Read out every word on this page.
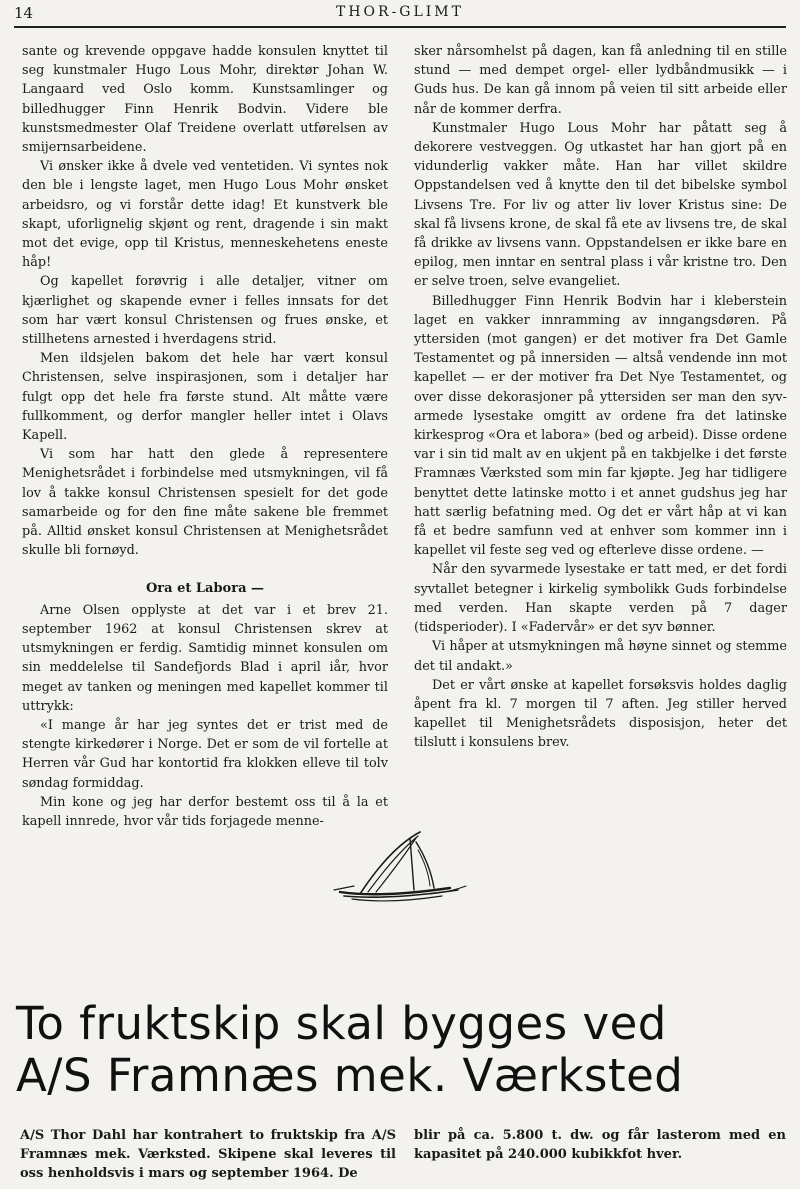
14	THOR-GLIMT

sante og krevende oppgave hadde konsulen knyttet til seg kunstmaler Hugo Lous Mohr, direktør Johan W. Langaard ved Oslo komm. Kunstsamlinger og billedhugger Finn Henrik Bodvin. Videre ble kunstsmedmester Olaf Treidene overlatt utførelsen av smijernsarbeidene.

Vi ønsker ikke å dvele ved ventetiden. Vi syntes nok den ble i lengste laget, men Hugo Lous Mohr ønsket arbeidsro, og vi forstår dette idag! Et kunstverk ble skapt, uforlignelig skjønt og rent, dragende i sin makt mot det evige, opp til Kristus, menneskehetens eneste håp!

Og kapellet forøvrig i alle detaljer, vitner om kjærlighet og skapende evner i felles innsats for det som har vært konsul Christensen og frues ønske, et stillhetens arnested i hverdagens strid.

Men ildsjelen bakom det hele har vært konsul Christensen, selve inspirasjonen, som i detaljer har fulgt opp det hele fra første stund. Alt måtte være fullkomment, og derfor mangler heller intet i Olavs Kapell.

Vi som har hatt den glede å representere Menighetsrådet i forbindelse med utsmykningen, vil få lov å takke konsul Christensen spesielt for det gode samarbeide og for den fine måte sakene ble fremmet på. Alltid ønsket konsul Christensen at Menighetsrådet skulle bli fornøyd.

Ora et Labora —

Arne Olsen opplyste at det var i et brev 21. september 1962 at konsul Christensen skrev at utsmykningen er ferdig. Samtidig minnet konsulen om sin meddelelse til Sandefjords Blad i april iår, hvor meget av tanken og meningen med kapellet kommer til uttrykk:

«I mange år har jeg syntes det er trist med de stengte kirkedører i Norge. Det er som de vil fortelle at Herren vår Gud har kontortid fra klokken elleve til tolv søndag formiddag.

Min kone og jeg har derfor bestemt oss til å la et kapell innrede, hvor vår tids forjagede menne-

sker nårsomhelst på dagen, kan få anledning til en stille stund — med dempet orgel- eller lydbåndmusikk — i Guds hus. De kan gå innom på veien til sitt arbeide eller når de kommer derfra.

Kunstmaler Hugo Lous Mohr har påtatt seg å dekorere vestveggen. Og utkastet har han gjort på en vidunderlig vakker måte. Han har villet skildre Oppstandelsen ved å knytte den til det bibelske symbol Livsens Tre. For liv og atter liv lover Kristus sine: De skal få livsens krone, de skal få ete av livsens tre, de skal få drikke av livsens vann. Oppstandelsen er ikke bare en epilog, men inntar en sentral plass i vår kristne tro. Den er selve troen, selve evangeliet.

Billedhugger Finn Henrik Bodvin har i kleberstein laget en vakker innramming av inngangsdøren. På yttersiden (mot gangen) er det motiver fra Det Gamle Testamentet og på innersiden — altså vendende inn mot kapellet — er der motiver fra Det Nye Testamentet, og over disse dekorasjoner på yttersiden ser man den syv-armede lysestake omgitt av ordene fra det latinske kirkesprog «Ora et labora» (bed og arbeid). Disse ordene var i sin tid malt av en ukjent på en takbjelke i det første Framnæs Værksted som min far kjøpte. Jeg har tidligere benyttet dette latinske motto i et annet gudshus jeg har hatt særlig befatning med. Og det er vårt håp at vi kan få et bedre samfunn ved at enhver som kommer inn i kapellet vil feste seg ved og efterleve disse ordene. —

Når den syvarmede lysestake er tatt med, er det fordi syvtallet betegner i kirkelig symbolikk Guds forbindelse med verden. Han skapte verden på 7 dager (tidsperioder). I «Fadervår» er det syv bønner.

Vi håper at utsmykningen må høyne sinnet og stemme det til andakt.»

Det er vårt ønske at kapellet forsøksvis holdes daglig åpent fra kl. 7 morgen til 7 aften. Jeg stiller herved kapellet til Menighetsrådets disposisjon, heter det tilslutt i konsulens brev.

To fruktskip skal bygges ved
A/S Framnæs mek. Værksted

A/S Thor Dahl har kontrahert to fruktskip fra A/S Framnæs mek. Værksted. Skipene skal leveres til oss henholdsvis i mars og september 1964. De

blir på ca. 5.800 t. dw. og får lasterom med en kapasitet på 240.000 kubikkfot hver.
